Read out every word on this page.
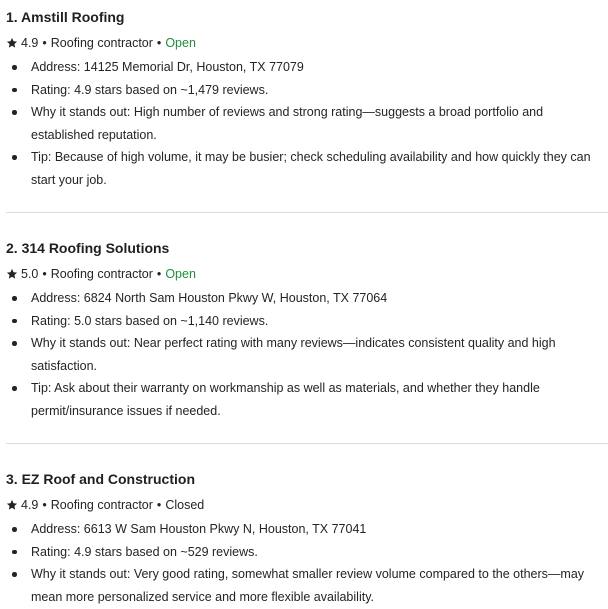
1. Amstill Roofing
4.9 • Roofing contractor • Open
Address: 14125 Memorial Dr, Houston, TX 77079
Rating: 4.9 stars based on ~1,479 reviews.
Why it stands out: High number of reviews and strong rating—suggests a broad portfolio and established reputation.
Tip: Because of high volume, it may be busier; check scheduling availability and how quickly they can start your job.
2. 314 Roofing Solutions
5.0 • Roofing contractor • Open
Address: 6824 North Sam Houston Pkwy W, Houston, TX 77064
Rating: 5.0 stars based on ~1,140 reviews.
Why it stands out: Near perfect rating with many reviews—indicates consistent quality and high satisfaction.
Tip: Ask about their warranty on workmanship as well as materials, and whether they handle permit/insurance issues if needed.
3. EZ Roof and Construction
4.9 • Roofing contractor • Closed
Address: 6613 W Sam Houston Pkwy N, Houston, TX 77041
Rating: 4.9 stars based on ~529 reviews.
Why it stands out: Very good rating, somewhat smaller review volume compared to the others—may mean more personalized service and more flexible availability.
